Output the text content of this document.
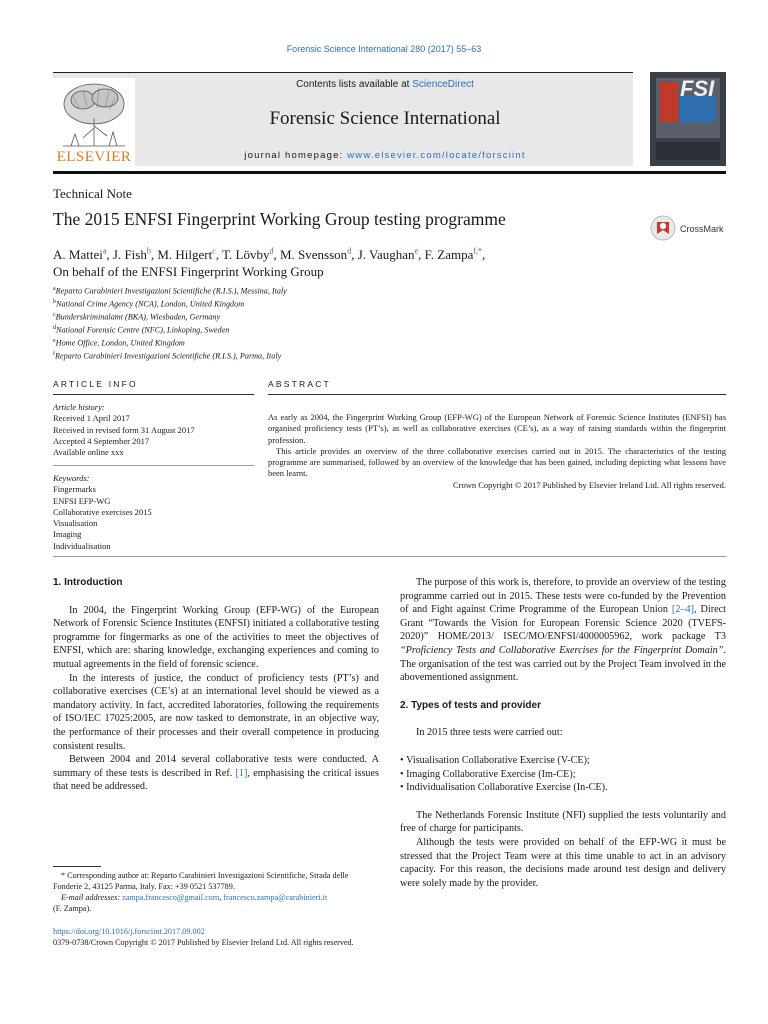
Forensic Science International 280 (2017) 55–63
Contents lists available at ScienceDirect
Forensic Science International
journal homepage: www.elsevier.com/locate/forsciint
ELSEVIER
FSI
Technical Note
The 2015 ENFSI Fingerprint Working Group testing programme	CrossMark
A. Mattei$^a$, J. Fish$^b$, M. Hilgert$^c$, T. Lövby$^d$, M. Svensson$^d$, J. Vaughan$^e$, F. Zampa$^{f,*}$,
On behalf of the ENFSI Fingerprint Working Group
$^a$Reparto Carabinieri Investigazioni Scientifiche (R.I.S.), Messina, Italy
$^b$National Crime Agency (NCA), London, United Kingdom
$^c$Bunderskriminalamt (BKA), Wiesbaden, Germany
$^d$National Forensic Centre (NFC), Linkoping, Sweden
$^e$Home Office, London, United Kingdom
$^f$Reparto Carabinieri Investigazioni Scientifiche (R.I.S.), Parma, Italy
ARTICLE INFO	ABSTRACT
Article history:
Received 1 April 2017
Received in revised form 31 August 2017
Accepted 4 September 2017
Available online xxx
Keywords:
Fingermarks
ENFSI EFP-WG
Collaborative exercises 2015
Visualisation
Imaging
Individualisation

As early as 2004, the Fingerprint Working Group (EFP-WG) of the European Network of Forensic Science Institutes (ENFSI) has organised proficiency tests (PT’s), as well as collaborative exercises (CE’s), as a way of raising standards within the fingerprint profession.

This article provides an overview of the three collaborative exercises carried out in 2015. The characteristics of the testing programme are summarised, followed by an overview of the knowledge that has been gained, including depicting what lessons have been learnt.

Crown Copyright © 2017 Published by Elsevier Ireland Ltd. All rights reserved.

1. Introduction

In 2004, the Fingerprint Working Group (EFP-WG) of the European Network of Forensic Science Institutes (ENFSI) initiated a collaborative testing programme for fingermarks as one of the activities to meet the objectives of ENFSI, which are: sharing knowledge, exchanging experiences and coming to mutual agreements in the field of forensic science.

In the interests of justice, the conduct of proficiency tests (PT’s) and collaborative exercises (CE’s) at an international level should be viewed as a mandatory activity. In fact, accredited laboratories, following the requirements of ISO/IEC 17025:2005, are now tasked to demonstrate, in an objective way, the performance of their processes and their overall competence in producing consistent results.

Between 2004 and 2014 several collaborative tests were conducted. A summary of these tests is described in Ref. [1], emphasising the critical issues that need be addressed.

The purpose of this work is, therefore, to provide an overview of the testing programme carried out in 2015. These tests were co-funded by the Prevention of and Fight against Crime Programme of the European Union [2–4], Direct Grant “Towards the Vision for European Forensic Science 2020 (TVEFS-2020)” HOME/2013/ ISEC/MO/ENFSI/4000005962, work package T3 “Proficiency Tests and Collaborative Exercises for the Fingerprint Domain”. The organisation of the test was carried out by the Project Team involved in the abovementioned assignment.

2. Types of tests and provider

In 2015 three tests were carried out:

• Visualisation Collaborative Exercise (V-CE);
• Imaging Collaborative Exercise (Im-CE);
• Individualisation Collaborative Exercise (In-CE).

The Netherlands Forensic Institute (NFI) supplied the tests voluntarily and free of charge for participants.

Although the tests were provided on behalf of the EFP-WG it must be stressed that the Project Team were at this time unable to act in an advisory capacity. For this reason, the decisions made around test design and delivery were solely made by the provider.

* Corresponding author at: Reparto Carabinieri Investigazioni Scientifiche, Strada delle Fonderie 2, 43125 Parma, Italy. Fax: +39 0521 537789.
E-mail addresses: zampa.francesco@gmail.com, francesco.zampa@carabinieri.it
(F. Zampa).
https://doi.org/10.1016/j.forsciint.2017.09.002
0379-0738/Crown Copyright © 2017 Published by Elsevier Ireland Ltd. All rights reserved.
